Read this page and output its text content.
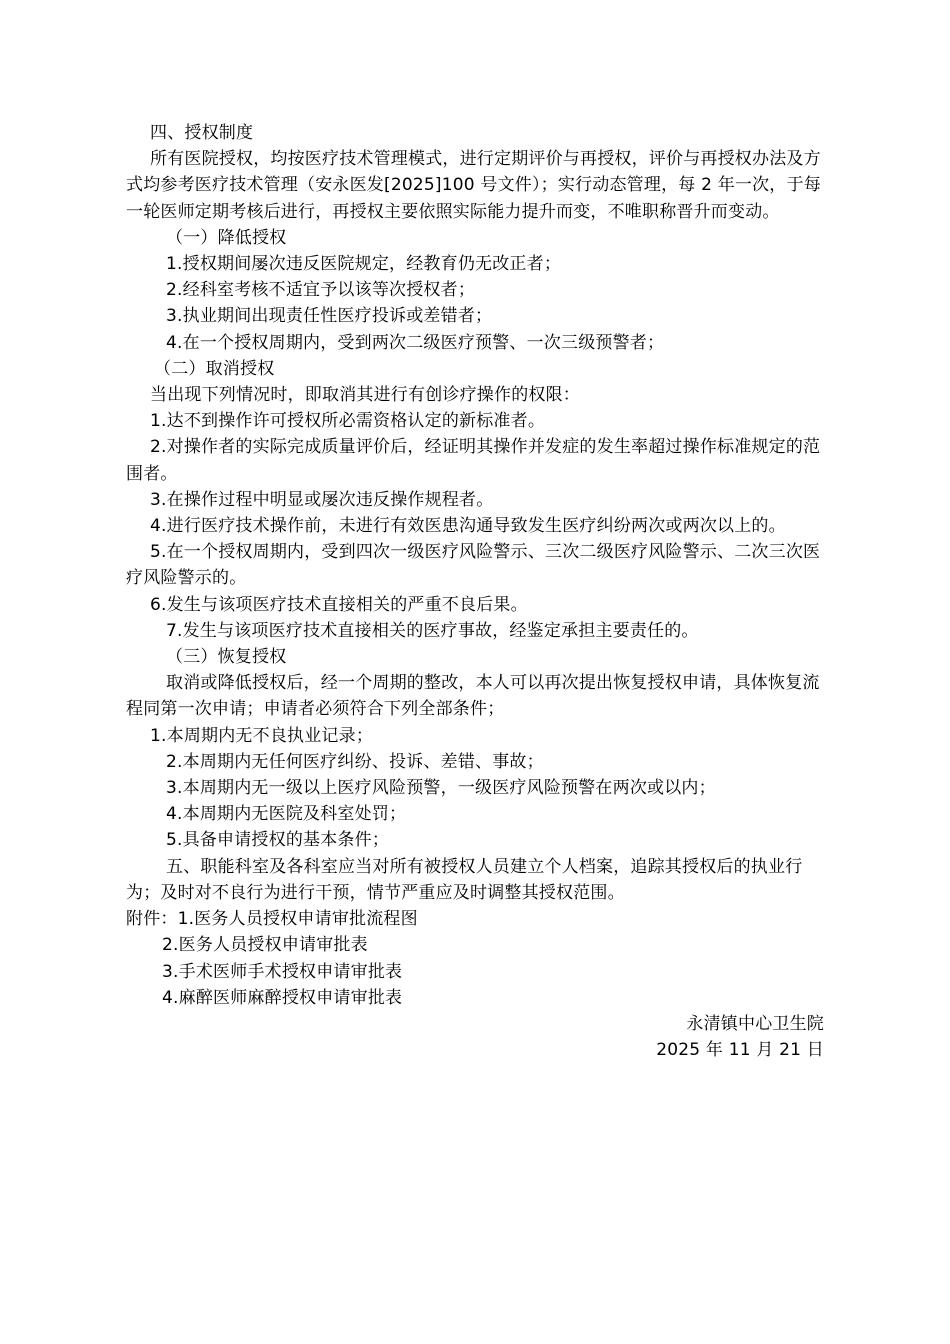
四、授权制度

所有医院授权，均按医疗技术管理模式，进行定期评价与再授权，评价与再授权办法及方式均参考医疗技术管理（安永医发[2025]100 号文件）；实行动态管理，每 2 年一次，于每一轮医师定期考核后进行，再授权主要依照实际能力提升而变，不唯职称晋升而变动。

（一）降低授权

1.授权期间屡次违反医院规定，经教育仍无改正者；

2.经科室考核不适宜予以该等次授权者；

3.执业期间出现责任性医疗投诉或差错者；

4.在一个授权周期内，受到两次二级医疗预警、一次三级预警者；

（二）取消授权

当出现下列情况时，即取消其进行有创诊疗操作的权限：

1.达不到操作许可授权所必需资格认定的新标准者。

2.对操作者的实际完成质量评价后，经证明其操作并发症的发生率超过操作标准规定的范围者。

3.在操作过程中明显或屡次违反操作规程者。

4.进行医疗技术操作前，未进行有效医患沟通导致发生医疗纠纷两次或两次以上的。

5.在一个授权周期内，受到四次一级医疗风险警示、三次二级医疗风险警示、二次三次医疗风险警示的。

6.发生与该项医疗技术直接相关的严重不良后果。

7.发生与该项医疗技术直接相关的医疗事故，经鉴定承担主要责任的。

（三）恢复授权

取消或降低授权后，经一个周期的整改，本人可以再次提出恢复授权申请，具体恢复流程同第一次申请；申请者必须符合下列全部条件；

1.本周期内无不良执业记录；

2.本周期内无任何医疗纠纷、投诉、差错、事故；

3.本周期内无一级以上医疗风险预警，一级医疗风险预警在两次或以内；

4.本周期内无医院及科室处罚；

5.具备申请授权的基本条件；

五、职能科室及各科室应当对所有被授权人员建立个人档案，追踪其授权后的执业行为；及时对不良行为进行干预，情节严重应及时调整其授权范围。

附件：1.医务人员授权申请审批流程图

2.医务人员授权申请审批表

3.手术医师手术授权申请审批表

4.麻醉医师麻醉授权申请审批表

永清镇中心卫生院

2025 年 11 月 21 日
